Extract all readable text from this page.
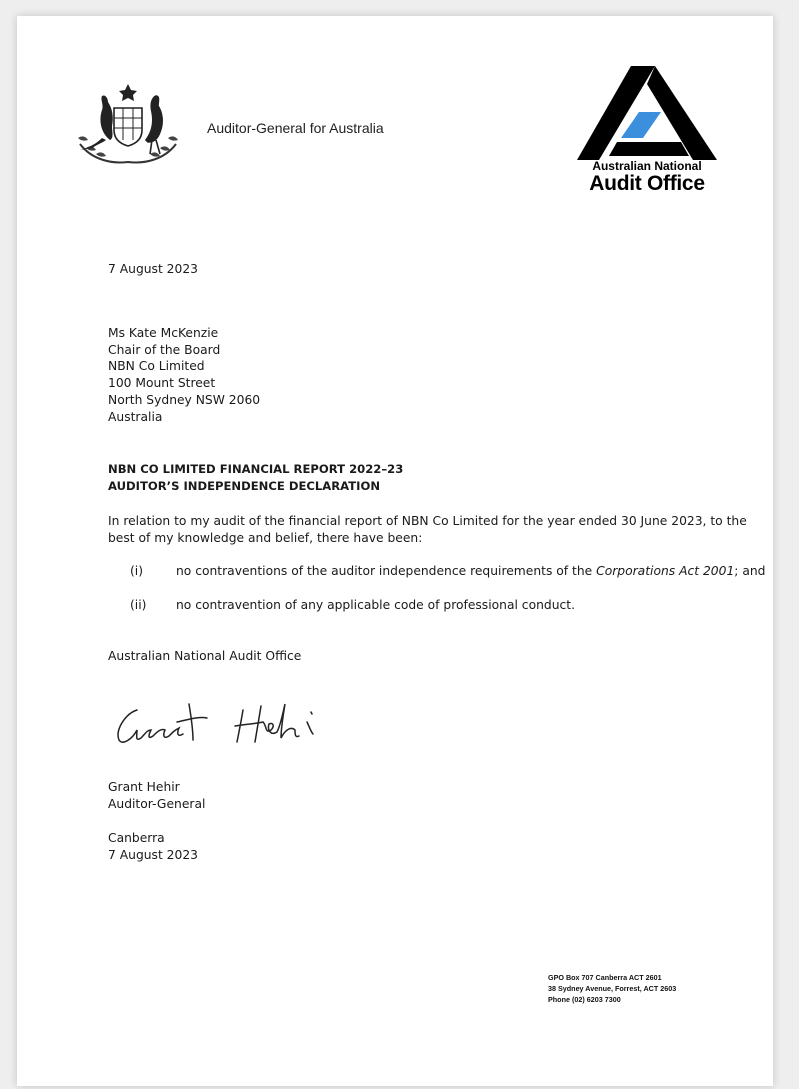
Auditor-General for Australia
Australian National
Audit Office
7 August 2023
Ms Kate McKenzie
Chair of the Board
NBN Co Limited
100 Mount Street
North Sydney NSW 2060
Australia
NBN CO LIMITED FINANCIAL REPORT 2022–23
AUDITOR’S INDEPENDENCE DECLARATION
In relation to my audit of the financial report of NBN Co Limited for the year ended 30 June 2023, to the best of my knowledge and belief, there have been:
(i)	no contraventions of the auditor independence requirements of the Corporations Act 2001; and
(ii) no contravention of any applicable code of professional conduct.
Australian National Audit Office
Grant Hehir
Auditor-General
Canberra
7 August 2023
GPO Box 707 Canberra ACT 2601
38 Sydney Avenue, Forrest, ACT 2603
Phone (02) 6203 7300
